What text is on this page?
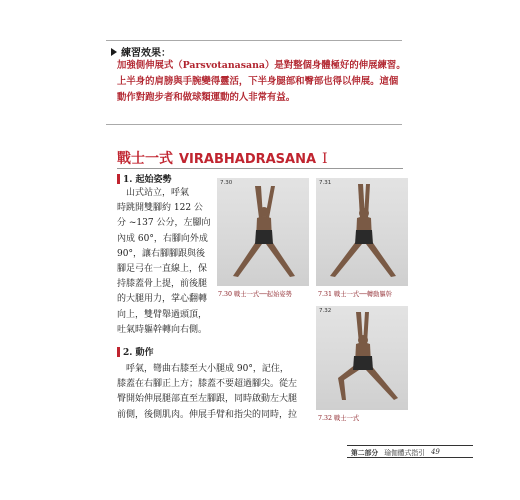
練習效果：

加強側伸展式（Parsvotanasana）是對整個身體極好的伸展練習。上半身的肩膀與手腕變得靈活，下半身腿部和臀部也得以伸展。這個動作對跑步者和做球類運動的人非常有益。

戰士一式 VIRABHADRASANA I
1. 起始姿勢

　山式站立，呼氣

時跳開雙腳約 122 公

分 ~137 公分，左腳向

內成 60°，右腳向外成

90°，讓右腳腳跟與後

腳足弓在一直線上，保

持膝蓋骨上提，前後腿

的大腿用力，掌心翻轉

向上，雙臂舉過頭頂，

吐氣時軀幹轉向右側。

7.30
7.30 戰士一式──起始姿勢
7.31
7.31 戰士一式──轉動軀幹
7.32
7.32 戰士一式
2. 動作

　呼氣，彎曲右膝至大小腿成 90°，記住，

膝蓋在右腳正上方；膝蓋不要超過腳尖。從左

臀開始伸展腿部直至左腳跟，同時啟動左大腿

前側，後側肌肉。伸展手臂和指尖的同時，拉

第二部分 瑜伽體式指引 49
